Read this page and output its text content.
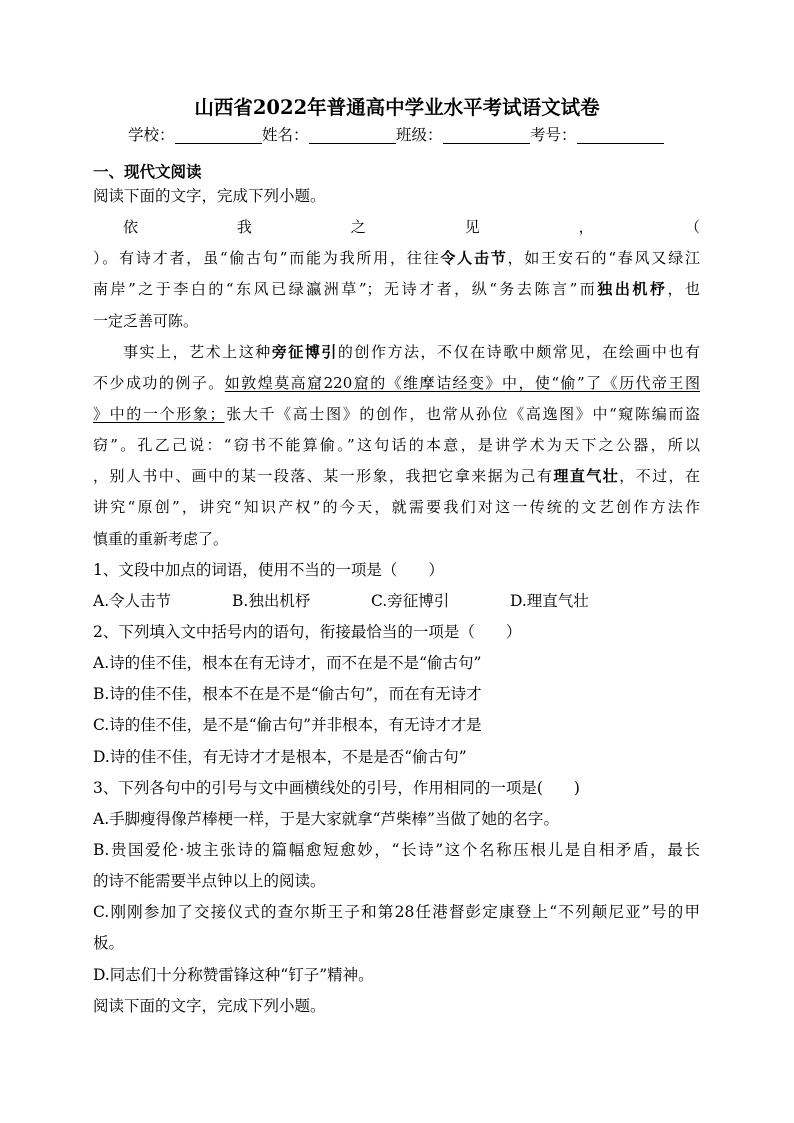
山西省2022年普通高中学业水平考试语文试卷
学校：	姓名：	班级：	考号：
一、现代文阅读
阅读下面的文字，完成下列小题。
依我之见，（
）。有诗才者，虽“偷古句”而能为我所用，往往令人击节，如王安石的“春风又绿江
南岸”之于李白的“东风已绿瀛洲草”；无诗才者，纵“务去陈言”而独出机杼，也
一定乏善可陈。
事实上，艺术上这种旁征博引的创作方法，不仅在诗歌中颇常见，在绘画中也有
不少成功的例子。如敦煌莫高窟220窟的《维摩诘经变》中，使“偷”了《历代帝王图
》中的一个形象；张大千《高士图》的创作，也常从孙位《高逸图》中“窥陈编而盗
窃”。孔乙己说：“窃书不能算偷。”这句话的本意，是讲学术为天下之公器，所以
，别人书中、画中的某一段落、某一形象，我把它拿来据为己有理直气壮，不过，在
讲究“原创”，讲究“知识产权”的今天，就需要我们对这一传统的文艺创作方法作
慎重的重新考虑了。
1、文段中加点的词语，使用不当的一项是（　　）
A.令人击节	B.独出机杼	C.旁征博引	D.理直气壮
2、下列填入文中括号内的语句，衔接最恰当的一项是（　　）
A.诗的佳不佳，根本在有无诗才，而不在是不是“偷古句”
B.诗的佳不佳，根本不在是不是“偷古句”，而在有无诗才
C.诗的佳不佳，是不是“偷古句”并非根本，有无诗才才是
D.诗的佳不佳，有无诗才才是根本，不是是否“偷古句”
3、下列各句中的引号与文中画横线处的引号，作用相同的一项是(　　)
A.手脚瘦得像芦棒梗一样，于是大家就拿“芦柴棒”当做了她的名字。
B.贵国爱伦·坡主张诗的篇幅愈短愈妙，“长诗”这个名称压根儿是自相矛盾，最长
的诗不能需要半点钟以上的阅读。
C.刚刚参加了交接仪式的查尔斯王子和第28任港督彭定康登上“不列颠尼亚”号的甲
板。
D.同志们十分称赞雷锋这种“钉子”精神。
阅读下面的文字，完成下列小题。
